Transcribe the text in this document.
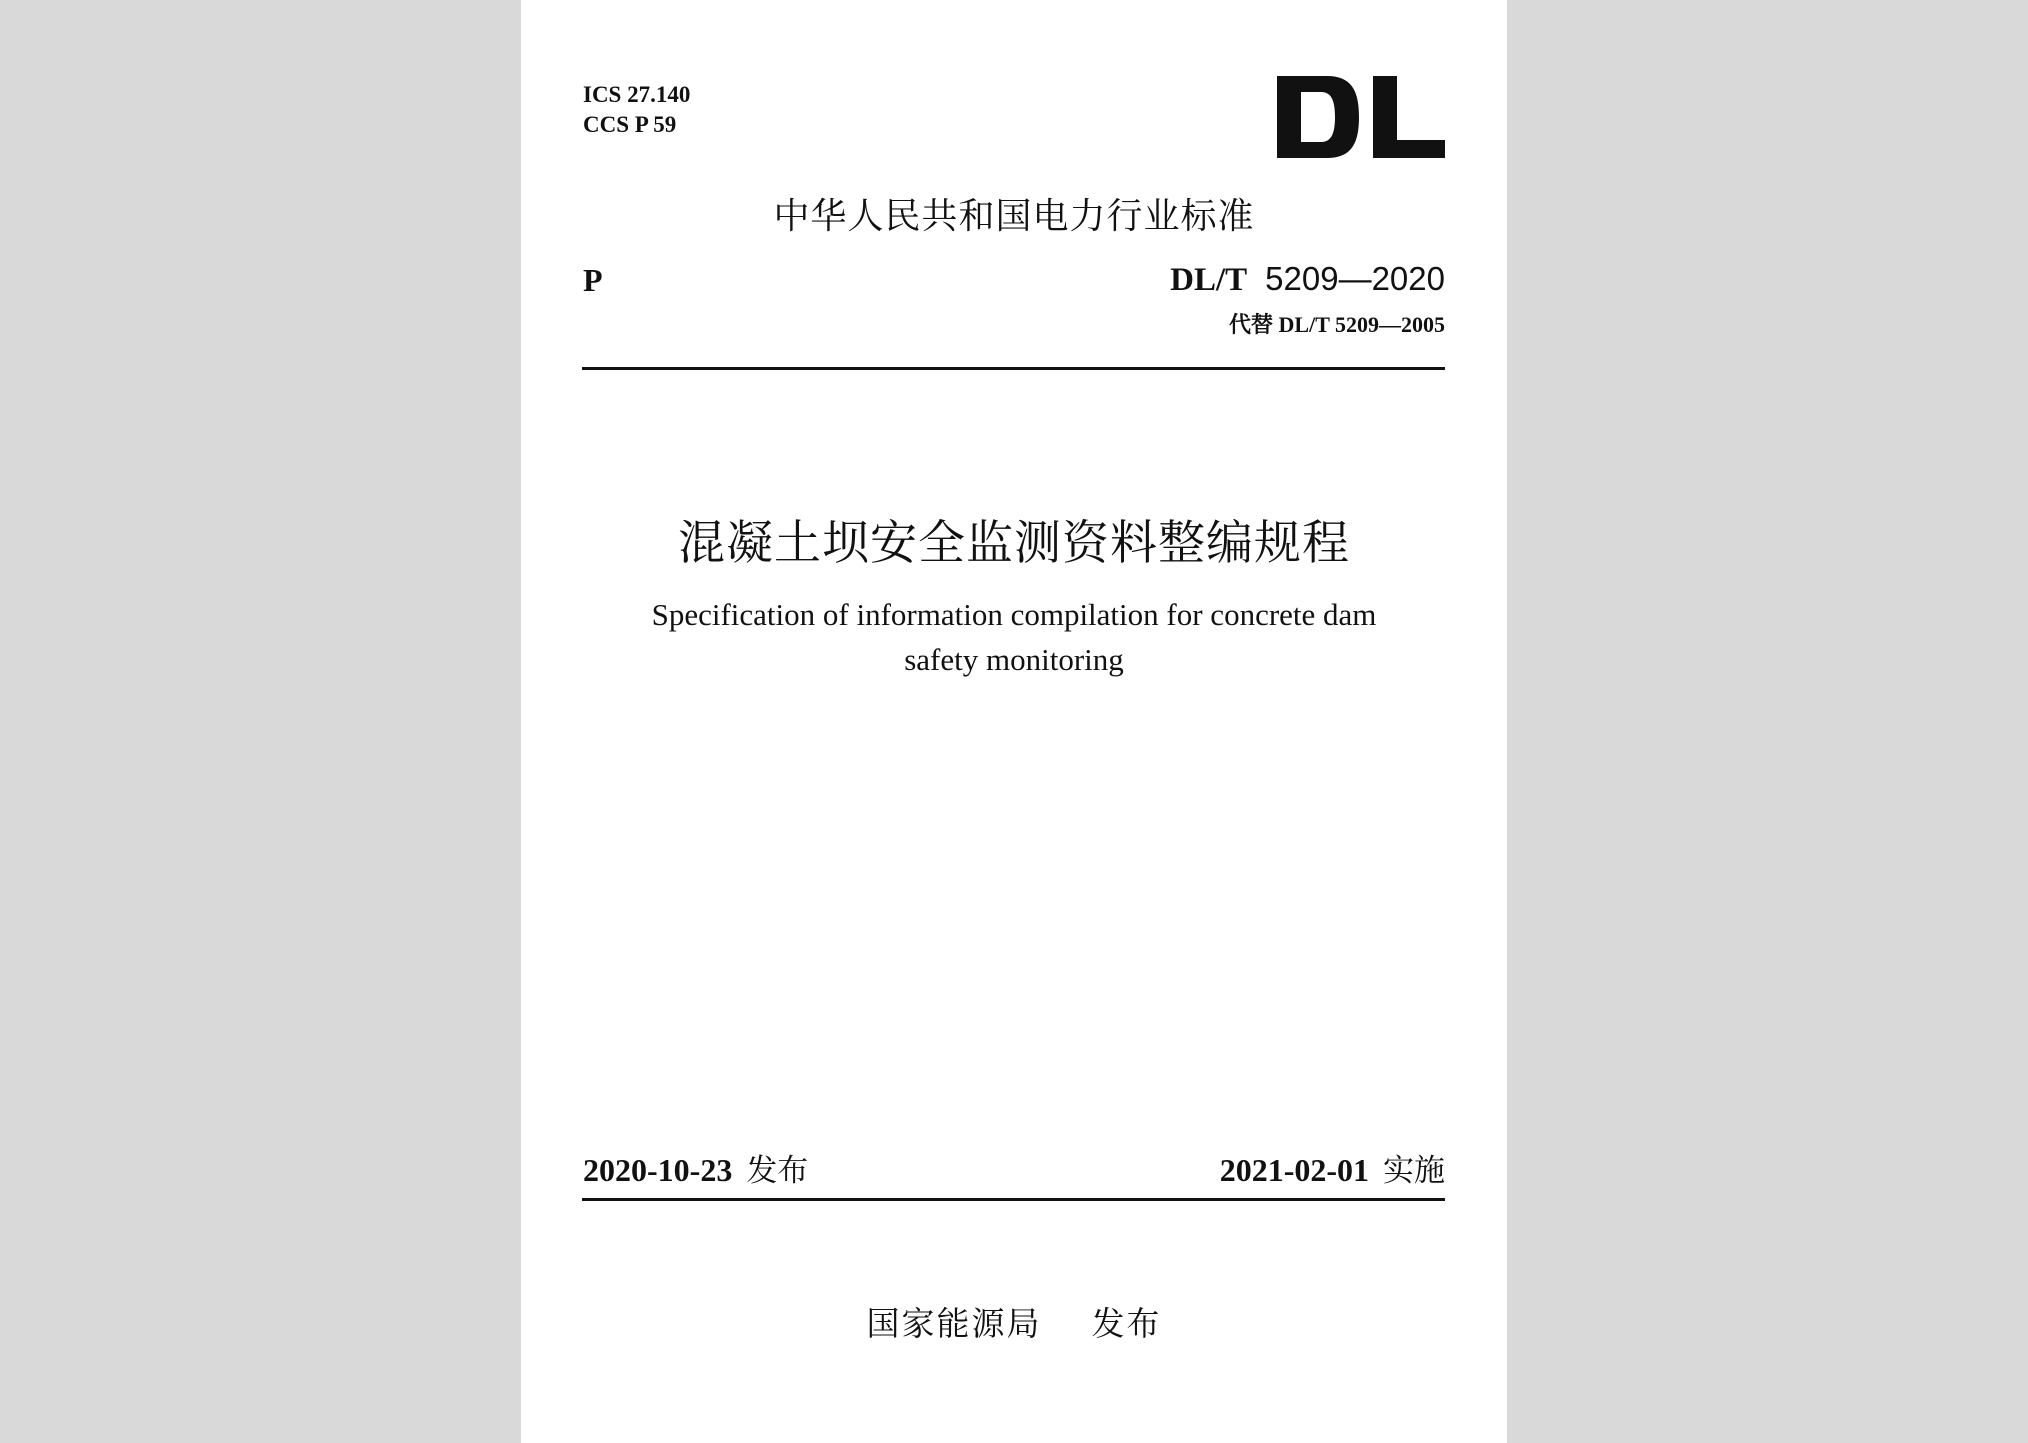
ICS 27.140
CCS P 59
中华人民共和国电力行业标准
P	DL/T 5209—2020
代替 DL/T 5209—2005
混凝土坝安全监测资料整编规程
Specification of information compilation for concrete dam
safety monitoring
2020-10-23 发布	2021-02-01 实施
国家能源局 发布
